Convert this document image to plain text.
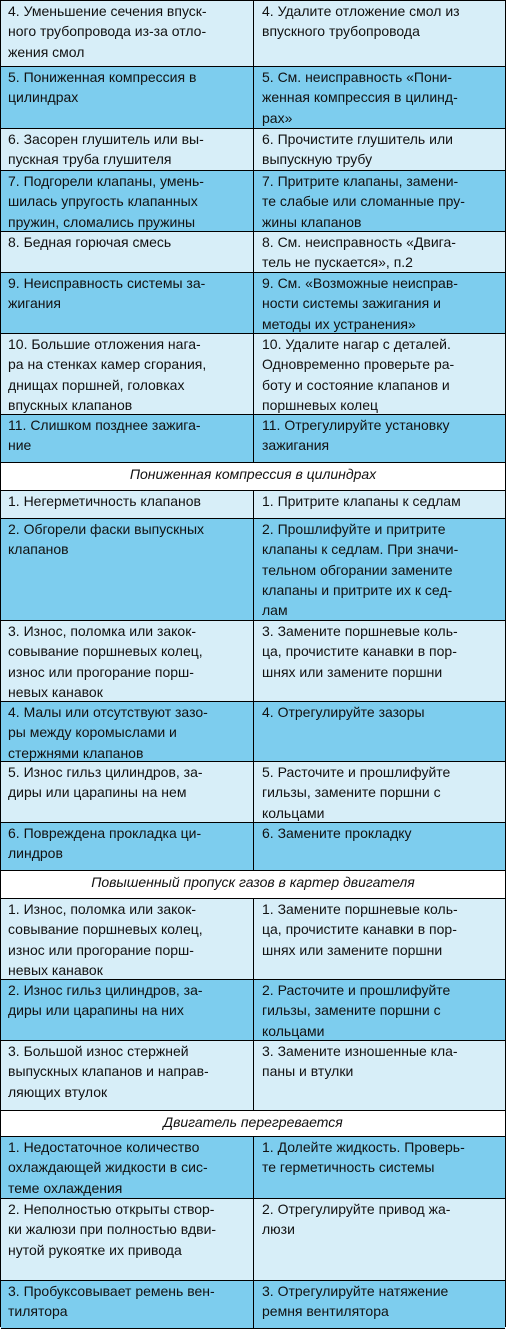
4. Уменьшение сечения впуск-
ного трубопровода из-за отло-
жения смол
4. Удалите отложение смол из
впускного трубопровода
5. Пониженная компрессия в
цилиндрах
5. См. неисправность «Пони-
женная компрессия в цилинд-
рах»
6. Засорен глушитель или вы-
пускная труба глушителя
6. Прочистите глушитель или
выпускную трубу
7. Подгорели клапаны, умень-
шилась упругость клапанных
пружин, сломались пружины
7. Притрите клапаны, замени-
те слабые или сломанные пру-
жины клапанов
8. Бедная горючая смесь	8. См. неисправность «Двига-
тель не пускается», п.2
9. Неисправность системы за-
жигания
9. См. «Возможные неисправ-
ности системы зажигания и
методы их устранения»
10. Большие отложения нага-
ра на стенках камер сгорания,
днищах поршней, головках
впускных клапанов
10. Удалите нагар с деталей.
Одновременно проверьте ра-
боту и состояние клапанов и
поршневых колец
11. Слишком позднее зажига-
ние
11. Отрегулируйте установку
зажигания
Пониженная компрессия в цилиндрах
1. Негерметичность клапанов	1. Притрите клапаны к седлам
2. Обгорели фаски выпускных
клапанов
2. Прошлифуйте и притрите
клапаны к седлам. При значи-
тельном обгорании замените
клапаны и притрите их к сед-
лам
3. Износ, поломка или закок-
совывание поршневых колец,
износ или прогорание порш-
невых канавок
3. Замените поршневые коль-
ца, прочистите канавки в пор-
шнях или замените поршни
4. Малы или отсутствуют зазо-
ры между коромыслами и
стержнями клапанов
4. Отрегулируйте зазоры
5. Износ гильз цилиндров, за-
диры или царапины на нем
5. Расточите и прошлифуйте
гильзы, замените поршни с
кольцами
6. Повреждена прокладка ци-
линдров
6. Замените прокладку
Повышенный пропуск газов в картер двигателя
1. Износ, поломка или закок-
совывание поршневых колец,
износ или прогорание порш-
невых канавок
1. Замените поршневые коль-
ца, прочистите канавки в пор-
шнях или замените поршни
2. Износ гильз цилиндров, за-
диры или царапины на них
2. Расточите и прошлифуйте
гильзы, замените поршни с
кольцами
3. Большой износ стержней
выпускных клапанов и направ-
ляющих втулок
3. Замените изношенные кла-
паны и втулки
Двигатель перегревается
1. Недостаточное количество
охлаждающей жидкости в сис-
теме охлаждения
1. Долейте жидкость. Проверь-
те герметичность системы
2. Неполностью открыты створ-
ки жалюзи при полностью вдви-
нутой рукоятке их привода
2. Отрегулируйте привод жа-
люзи
3. Пробуксовывает ремень вен-
тилятора
3. Отрегулируйте натяжение
ремня вентилятора
